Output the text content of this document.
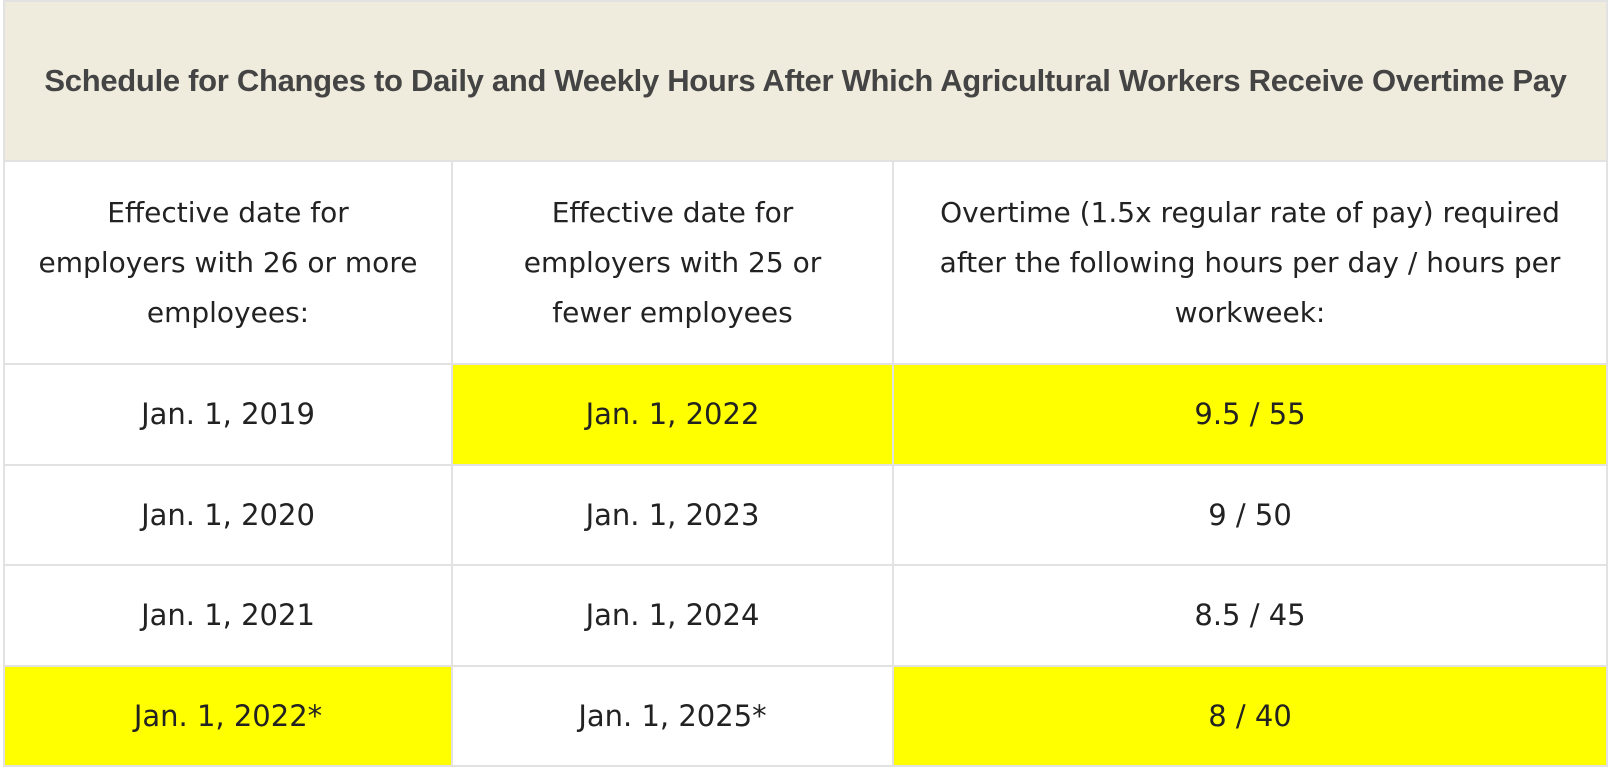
Schedule for Changes to Daily and Weekly Hours After Which Agricultural Workers Receive Overtime Pay		
Effective date for employers with 26 or more employees:	Effective date for employers with 25 or fewer employees	Overtime (1.5x regular rate of pay) required after the following hours per day / hours per workweek:
Jan. 1, 2019	Jan. 1, 2022	9.5 / 55
Jan. 1, 2020	Jan. 1, 2023	9 / 50
Jan. 1, 2021	Jan. 1, 2024	8.5 / 45
Jan. 1, 2022*	Jan. 1, 2025*	8 / 40
